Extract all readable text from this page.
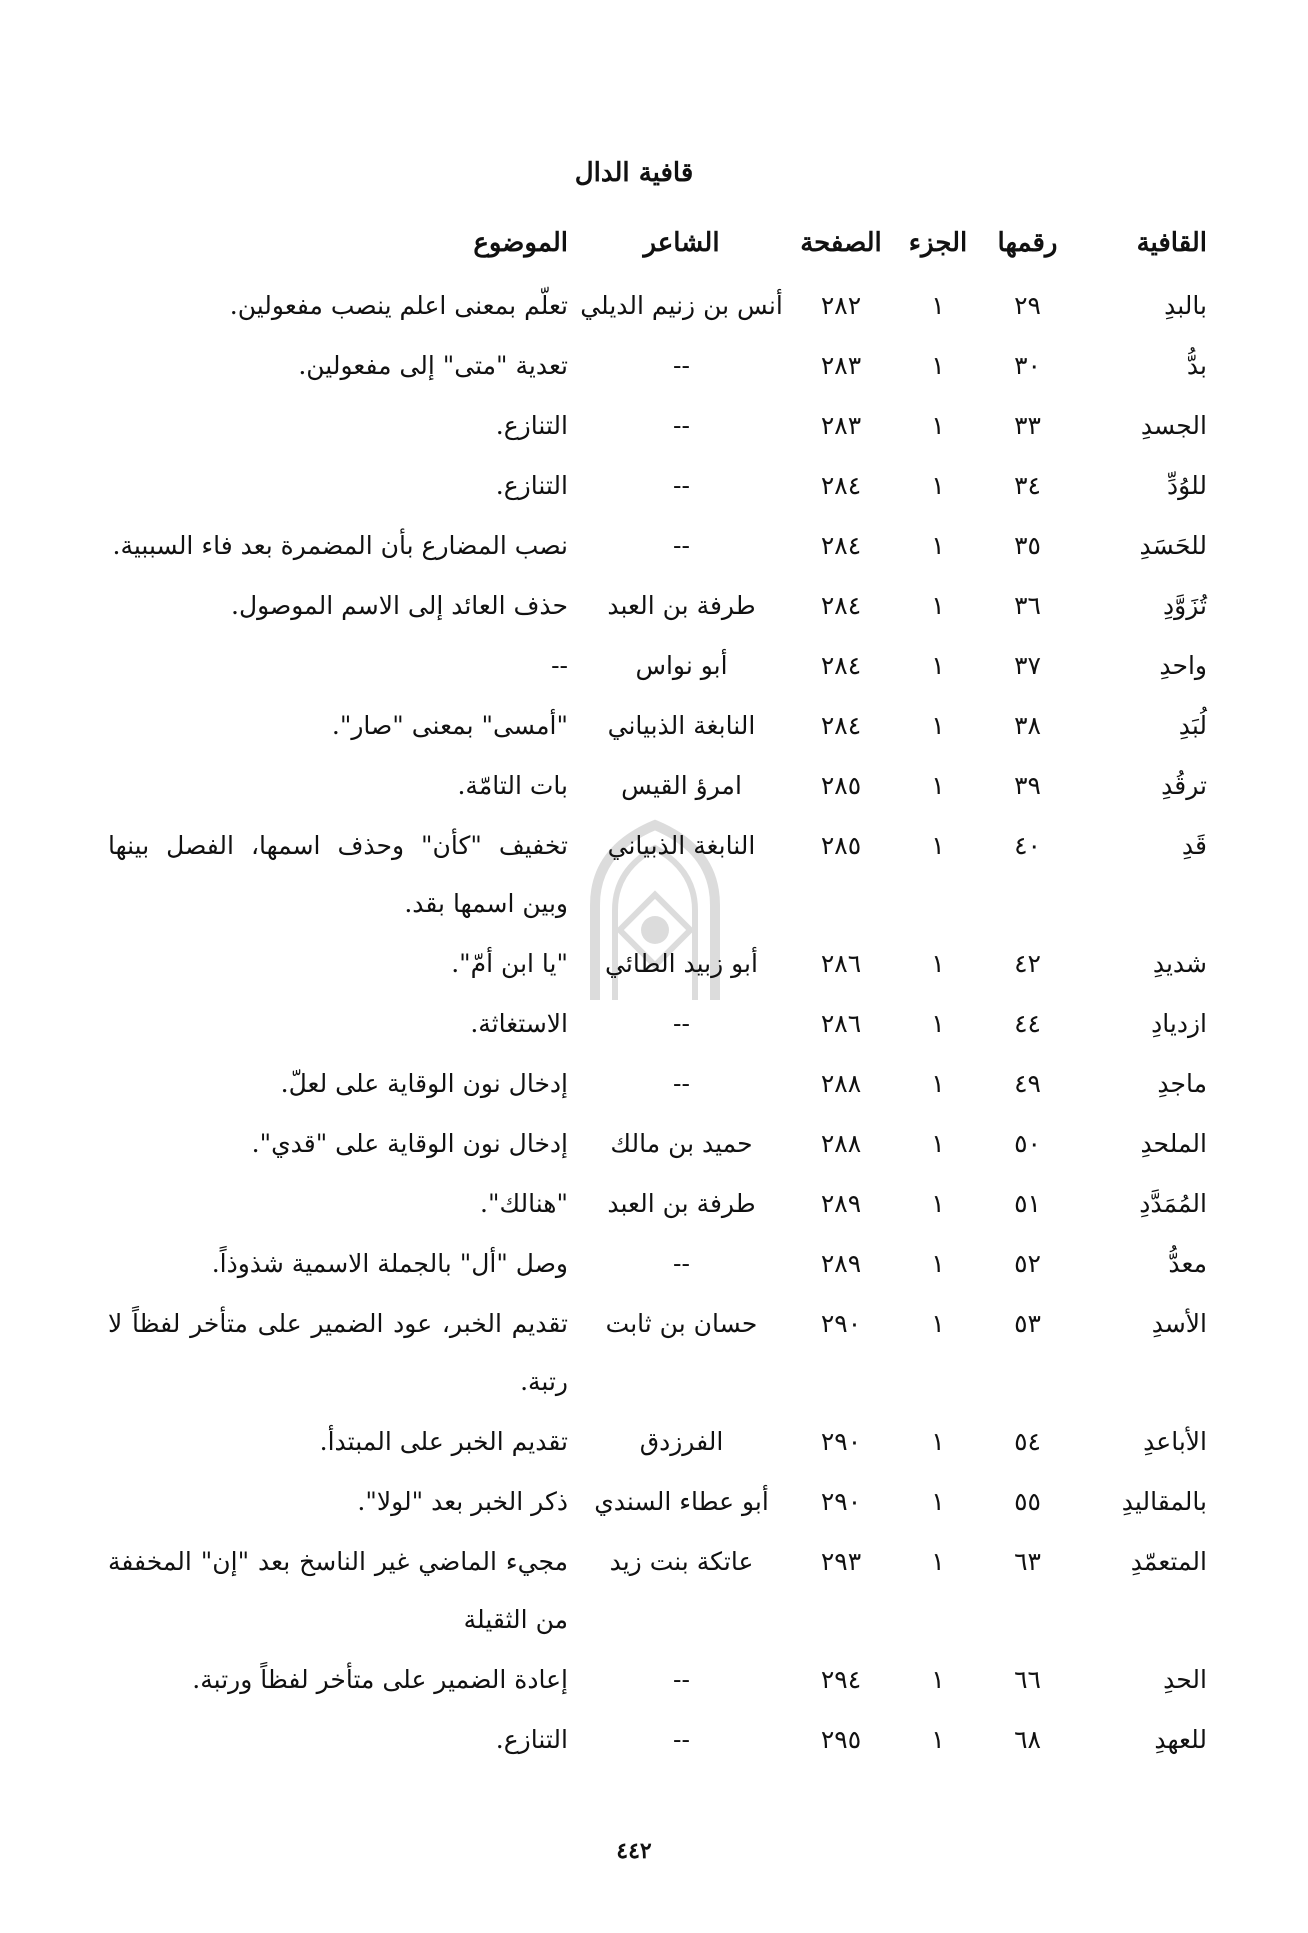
قافية الدال
القافية	رقمها	الجزء	الصفحة	الشاعر	الموضوع
بالبدِ	٢٩	١	٢٨٢	أنس بن زنيم الديلي	تعلّم بمعنى اعلم ينصب مفعولين.
بدُّ	٣٠	١	٢٨٣	--	تعدية "متى" إلى مفعولين.
الجسدِ	٣٣	١	٢٨٣	--	التنازع.
للوُدِّ	٣٤	١	٢٨٤	--	التنازع.
للحَسَدِ	٣٥	١	٢٨٤	--	نصب المضارع بأن المضمرة بعد فاء السببية.
تُزَوَّدِ	٣٦	١	٢٨٤	طرفة بن العبد	حذف العائد إلى الاسم الموصول.
واحدِ	٣٧	١	٢٨٤	أبو نواس	--
لُبَدِ	٣٨	١	٢٨٤	النابغة الذبياني	"أمسى" بمعنى "صار".
ترقُدِ	٣٩	١	٢٨٥	امرؤ القيس	بات التامّة.
قَدِ	٤٠	١	٢٨٥	النابغة الذبياني	تخفيف "كأن" وحذف اسمها، الفصل بينها وبين اسمها بقد.
شديدِ	٤٢	١	٢٨٦	أبو زبيد الطائي	"يا ابن أمّ".
ازديادِ	٤٤	١	٢٨٦	--	الاستغاثة.
ماجدِ	٤٩	١	٢٨٨	--	إدخال نون الوقاية على لعلّ.
الملحدِ	٥٠	١	٢٨٨	حميد بن مالك	إدخال نون الوقاية على "قدي".
المُمَدَّدِ	٥١	١	٢٨٩	طرفة بن العبد	"هنالك".
معدُّ	٥٢	١	٢٨٩	--	وصل "أل" بالجملة الاسمية شذوذاً.
الأسدِ	٥٣	١	٢٩٠	حسان بن ثابت	تقديم الخبر، عود الضمير على متأخر لفظاً لا رتبة.
الأباعدِ	٥٤	١	٢٩٠	الفرزدق	تقديم الخبر على المبتدأ.
بالمقاليدِ	٥٥	١	٢٩٠	أبو عطاء السندي	ذكر الخبر بعد "لولا".
المتعمّدِ	٦٣	١	٢٩٣	عاتكة بنت زيد	مجيء الماضي غير الناسخ بعد "إن" المخففة من الثقيلة
الحدِ	٦٦	١	٢٩٤	--	إعادة الضمير على متأخر لفظاً ورتبة.
للعهدِ	٦٨	١	٢٩٥	--	التنازع.
٤٤٢
